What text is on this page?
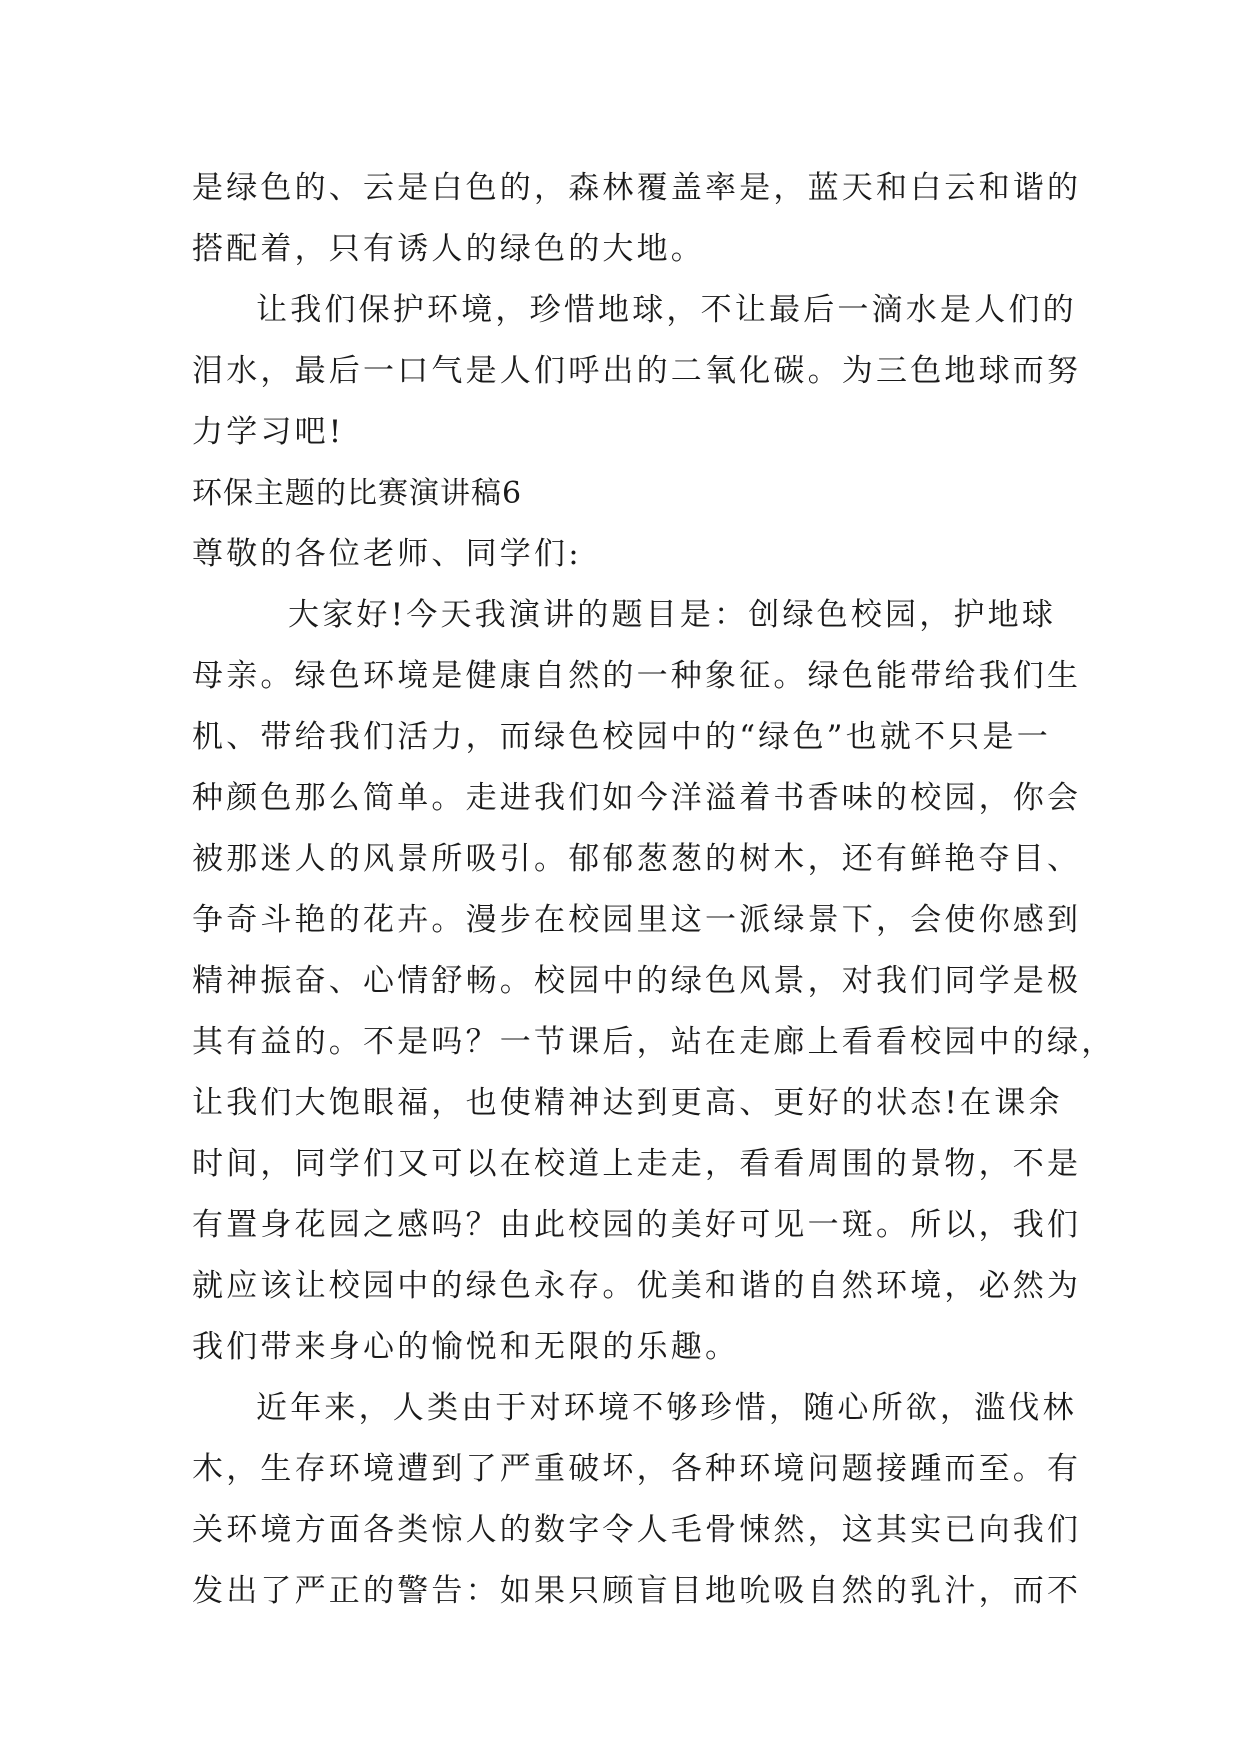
是绿色的、云是白色的，森林覆盖率是，蓝天和白云和谐的
搭配着，只有诱人的绿色的大地。
让我们保护环境，珍惜地球，不让最后一滴水是人们的
泪水，最后一口气是人们呼出的二氧化碳。为三色地球而努
力学习吧!
环保主题的比赛演讲稿6
尊敬的各位老师、同学们:
大家好!今天我演讲的题目是：创绿色校园，护地球
母亲。绿色环境是健康自然的一种象征。绿色能带给我们生
机、带给我们活力，而绿色校园中的“绿色”也就不只是一
种颜色那么简单。走进我们如今洋溢着书香味的校园，你会
被那迷人的风景所吸引。郁郁葱葱的树木，还有鲜艳夺目、
争奇斗艳的花卉。漫步在校园里这一派绿景下，会使你感到
精神振奋、心情舒畅。校园中的绿色风景，对我们同学是极
其有益的。不是吗？一节课后，站在走廊上看看校园中的绿，
让我们大饱眼福，也使精神达到更高、更好的状态!在课余
时间，同学们又可以在校道上走走，看看周围的景物，不是
有置身花园之感吗？由此校园的美好可见一斑。所以，我们
就应该让校园中的绿色永存。优美和谐的自然环境，必然为
我们带来身心的愉悦和无限的乐趣。
近年来，人类由于对环境不够珍惜，随心所欲，滥伐林
木，生存环境遭到了严重破坏，各种环境问题接踵而至。有
关环境方面各类惊人的数字令人毛骨悚然，这其实已向我们
发出了严正的警告：如果只顾盲目地吮吸自然的乳汁，而不
